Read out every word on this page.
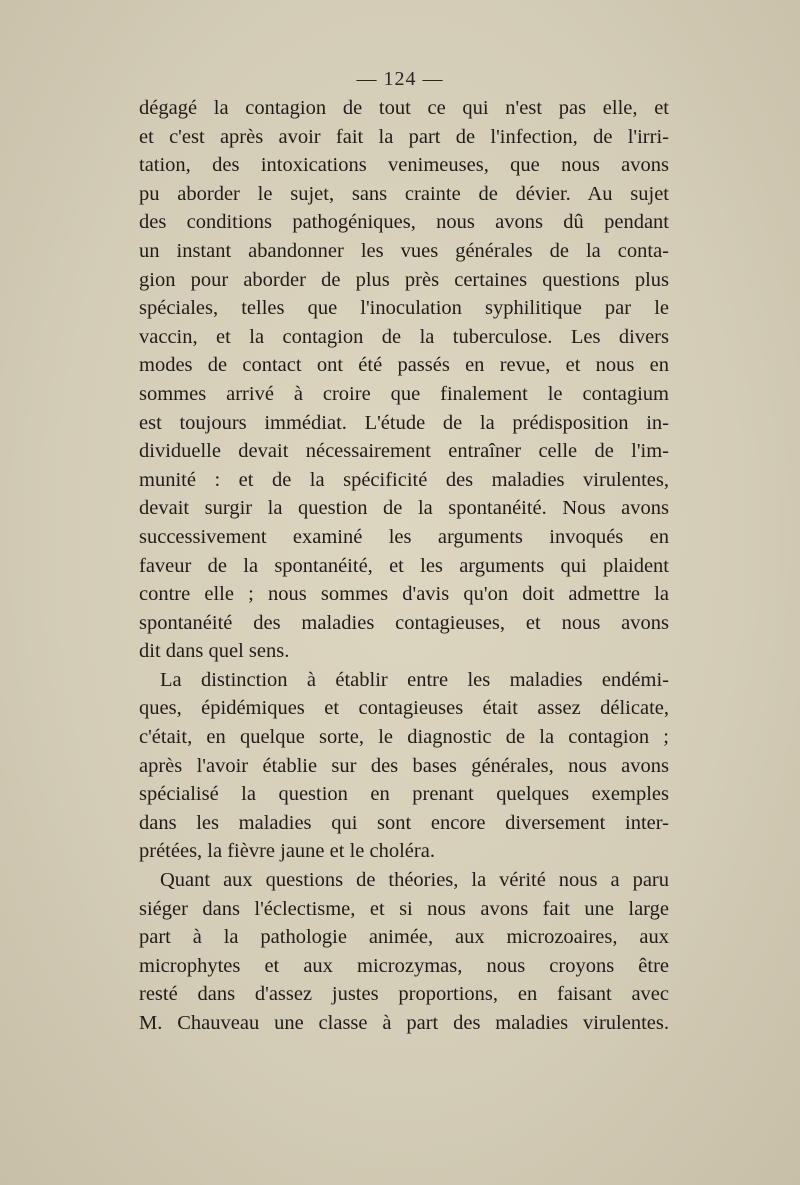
— 124 —

dégagé la contagion de tout ce qui n'est pas elle, et
et c'est après avoir fait la part de l'infection, de l'irri-
tation, des intoxications venimeuses, que nous avons
pu aborder le sujet, sans crainte de dévier. Au sujet
des conditions pathogéniques, nous avons dû pendant
un instant abandonner les vues générales de la conta-
gion pour aborder de plus près certaines questions plus
spéciales, telles que l'inoculation syphilitique par le
vaccin, et la contagion de la tuberculose. Les divers
modes de contact ont été passés en revue, et nous en
sommes arrivé à croire que finalement le contagium
est toujours immédiat. L'étude de la prédisposition in-
dividuelle devait nécessairement entraîner celle de l'im-
munité : et de la spécificité des maladies virulentes,
devait surgir la question de la spontanéité. Nous avons
successivement examiné les arguments invoqués en
faveur de la spontanéité, et les arguments qui plaident
contre elle ; nous sommes d'avis qu'on doit admettre la
spontanéité des maladies contagieuses, et nous avons
dit dans quel sens.

La distinction à établir entre les maladies endémi-
ques, épidémiques et contagieuses était assez délicate,
c'était, en quelque sorte, le diagnostic de la contagion ;
après l'avoir établie sur des bases générales, nous avons
spécialisé la question en prenant quelques exemples
dans les maladies qui sont encore diversement inter-
prétées, la fièvre jaune et le choléra.

Quant aux questions de théories, la vérité nous a paru
siéger dans l'éclectisme, et si nous avons fait une large
part à la pathologie animée, aux microzoaires, aux
microphytes et aux microzymas, nous croyons être
resté dans d'assez justes proportions, en faisant avec
M. Chauveau une classe à part des maladies virulentes.
